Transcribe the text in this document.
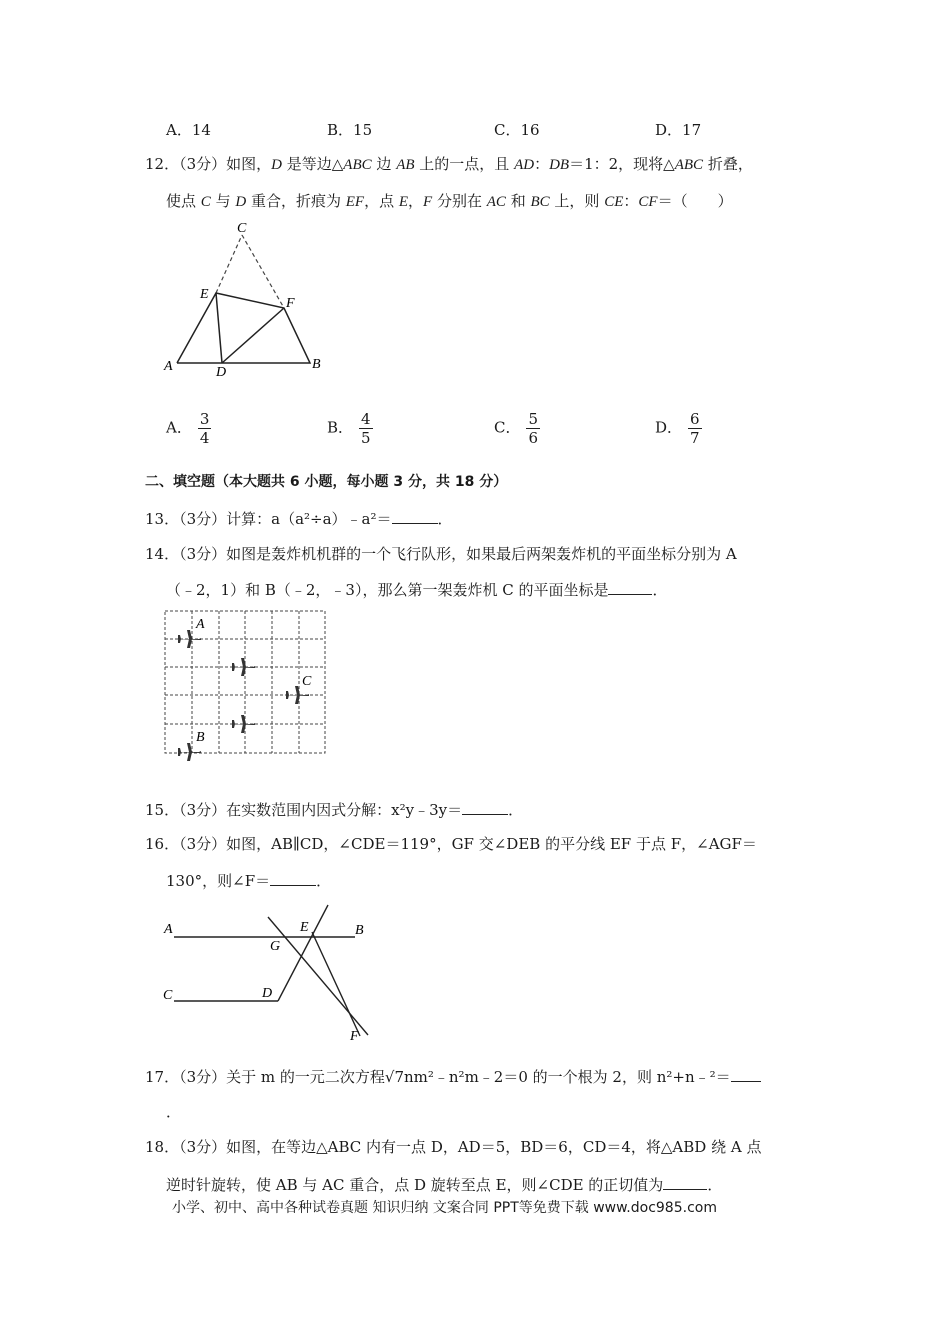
A．14	B．15	C．16	D．17
12．（3分）如图，D 是等边△ABC 边 AB 上的一点，且 AD：DB＝1：2，现将△ABC 折叠，
使点 C 与 D 重合，折痕为 EF，点 E，F 分别在 AC 和 BC 上，则 CE：CF＝（　　）
C
E
F
A	D
B
A． $\frac{3}{4}$	B． $\frac{4}{5}$	C． $\frac{5}{6}$	D． $\frac{6}{7}$
二、填空题（本大题共 6 小题，每小题 3 分，共 18 分）
13．（3分）计算：a（a²÷a）﹣a²＝	．
14．（3分）如图是轰炸机机群的一个飞行队形，如果最后两架轰炸机的平面坐标分别为 A
（﹣2，1）和 B（﹣2，﹣3），那么第一架轰炸机 C 的平面坐标是	．
A
C
B
15．（3分）在实数范围内因式分解：x²y﹣3y＝	．
16．（3分）如图，AB∥CD，∠CDE＝119°，GF 交∠DEB 的平分线 EF 于点 F，∠AGF＝
130°，则∠F＝	．
A	E	B
G
C	D
F
17．（3分）关于 m 的一元二次方程√7nm²﹣n²m﹣2＝0 的一个根为 2，则 n²+n﹣²＝
．
18．（3分）如图，在等边△ABC 内有一点 D，AD＝5，BD＝6，CD＝4，将△ABD 绕 A 点
逆时针旋转，使 AB 与 AC 重合，点 D 旋转至点 E，则∠CDE 的正切值为	．
小学、初中、高中各种试卷真题 知识归纳 文案合同 PPT等免费下载 www.doc985.com
